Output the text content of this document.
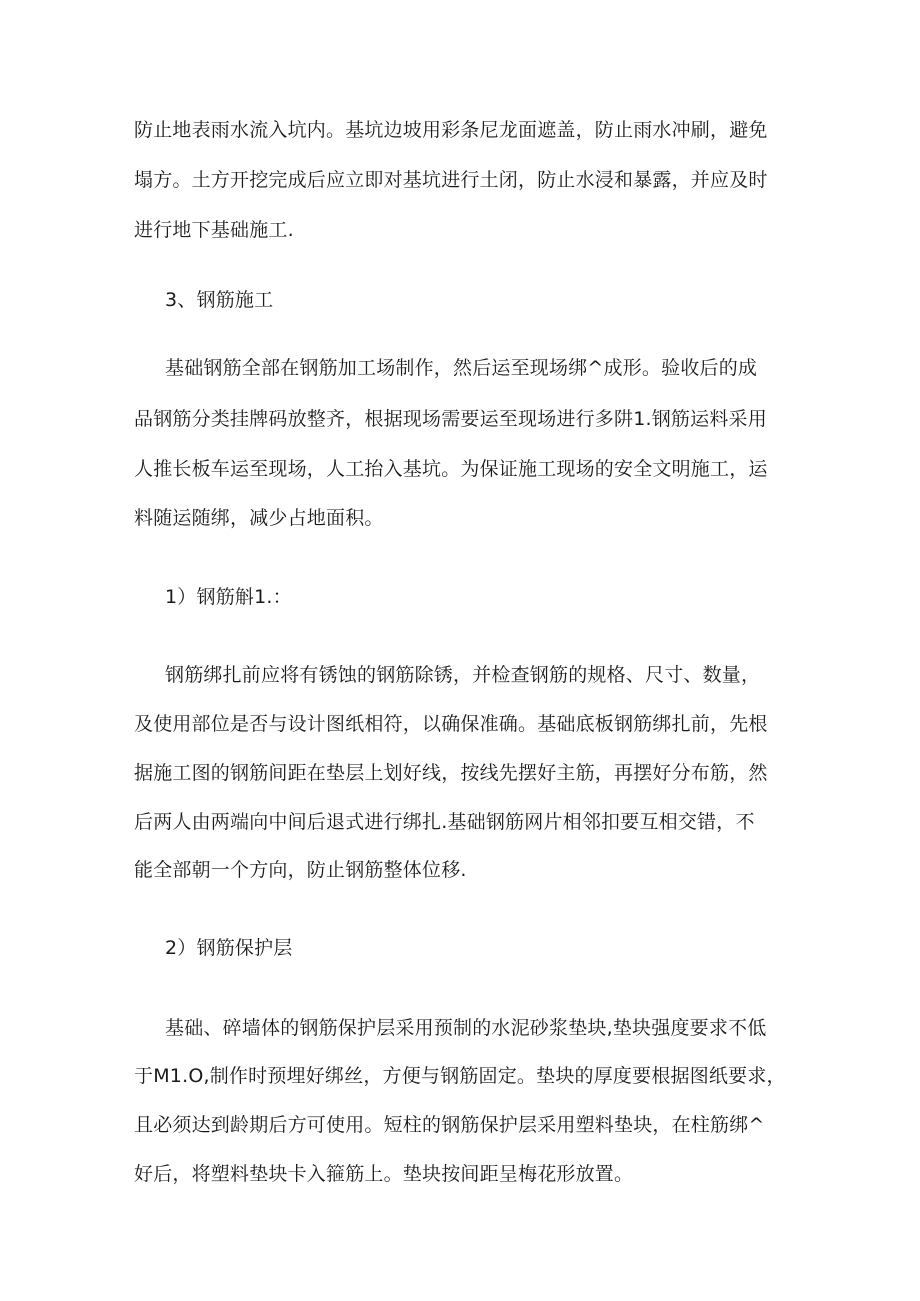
防止地表雨水流入坑内。基坑边坡用彩条尼龙面遮盖，防止雨水冲刷，避免
塌方。土方开挖完成后应立即对基坑进行土闭，防止水浸和暴露，并应及时
进行地下基础施工.
3、钢筋施工
基础钢筋全部在钢筋加工场制作，然后运至现场绑^成形。验收后的成
品钢筋分类挂牌码放整齐，根据现场需要运至现场进行多阱1.钢筋运料采用
人推长板车运至现场，人工抬入基坑。为保证施工现场的安全文明施工，运
料随运随绑，减少占地面积。
1）钢筋斛1.：
钢筋绑扎前应将有锈蚀的钢筋除锈，并检查钢筋的规格、尺寸、数量，
及使用部位是否与设计图纸相符，以确保准确。基础底板钢筋绑扎前，先根
据施工图的钢筋间距在垫层上划好线，按线先摆好主筋，再摆好分布筋，然
后两人由两端向中间后退式进行绑扎.基础钢筋网片相邻扣要互相交错，不
能全部朝一个方向，防止钢筋整体位移.
2）钢筋保护层
基础、碎墙体的钢筋保护层采用预制的水泥砂浆垫块,垫块强度要求不低
于M1.O,制作时预埋好绑丝，方便与钢筋固定。垫块的厚度要根据图纸要求，
且必须达到龄期后方可使用。短柱的钢筋保护层采用塑料垫块，在柱筋绑^
好后，将塑料垫块卡入箍筋上。垫块按间距呈梅花形放置。
